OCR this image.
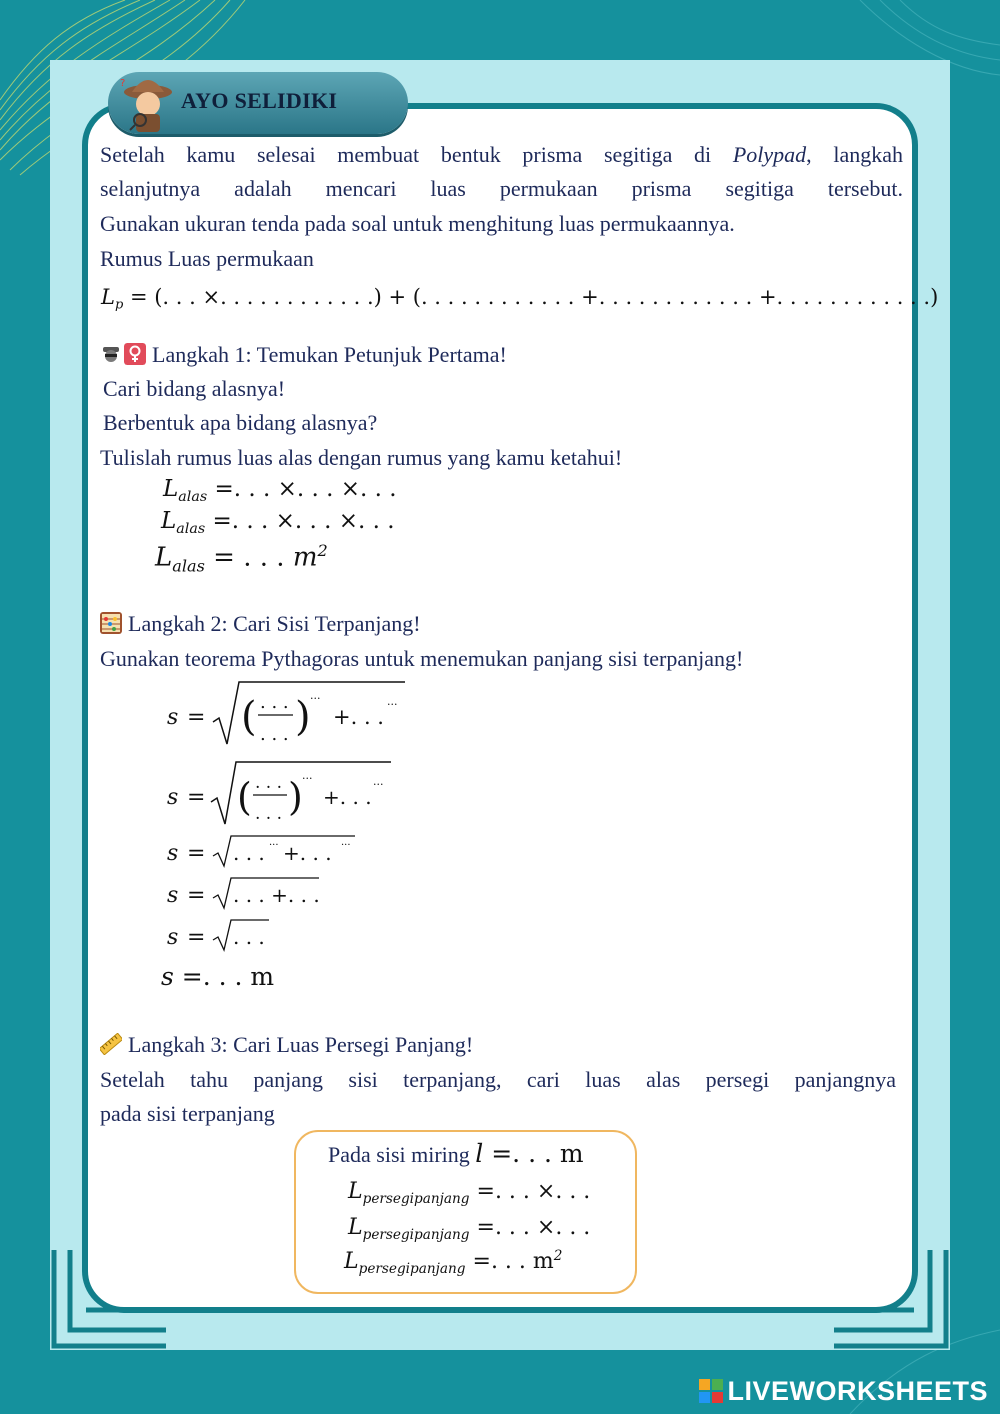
?
AYO SELIDIKI
Setelah kamu selesai membuat bentuk prisma segitiga di Polypad, langkah
selanjutnya adalah mencari luas permukaan prisma segitiga tersebut.
Gunakan ukuran tenda pada soal untuk menghitung luas permukaannya.
Rumus Luas permukaan
$L_p$ = (. . . ×. . . . . . . . . . . .) + (. . . . . . . . . . . . +. . . . . . . . . . . . +. . . . . . . . . . . .)
Langkah 1: Temukan Petunjuk Pertama!
Cari bidang alasnya!
Berbentuk apa bidang alasnya?
Tulislah rumus luas alas dengan rumus yang kamu ketahui!
$L_{alas}$ =. . . ×. . . ×. . .
$L_{alas}$ =. . . ×. . . ×. . .
$L_{alas}$ = . . . $m^2$
Langkah 2: Cari Sisi Terpanjang!
Gunakan teorema Pythagoras untuk menemukan panjang sisi terpanjang!
s = ( . . .
. . . ) ···
+. . .
···
s = ( . . .
. . . ) ···
+. . .
···
s = . . . ··· +. . . ···
s = . . . +. . .
s = . . .
s =. . . m
Langkah 3: Cari Luas Persegi Panjang!
Setelah tahu panjang sisi terpanjang, cari luas alas persegi panjangnya
pada sisi terpanjang
Pada sisi miring l =. . . m
$L_{persegipanjang}$ =. . . ×. . .
$L_{persegipanjang}$ =. . . ×. . .
$L_{persegipanjang}$ =. . . $m^2$
LIVEWORKSHEETS
